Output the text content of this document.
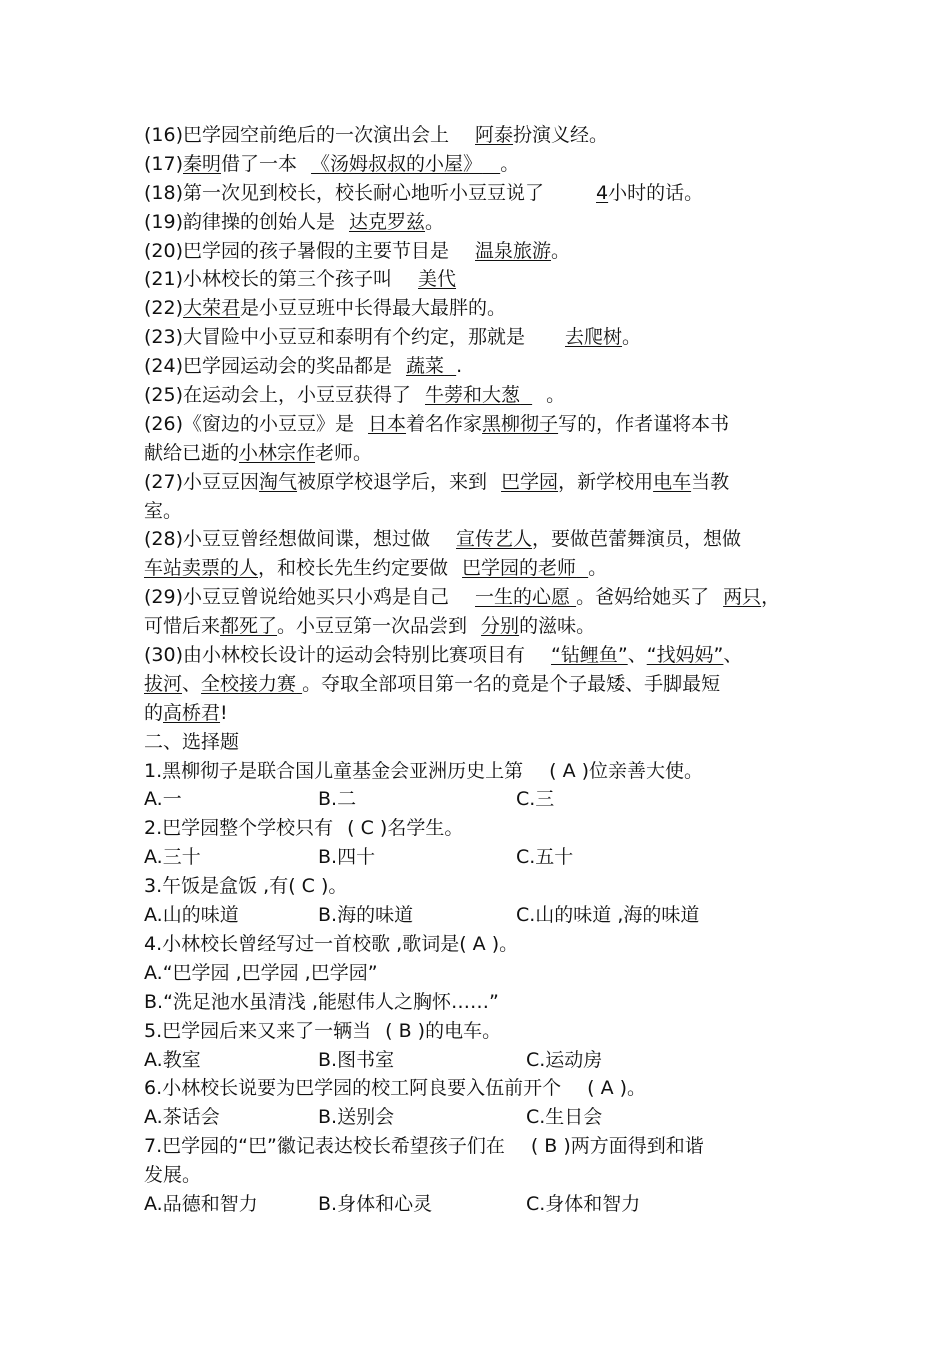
(16)巴学园空前绝后的一次演出会上 阿泰扮演义经。
(17)秦明借了一本 《汤姆叔叔的小屋》 。
(18)第一次见到校长，校长耐心地听小豆豆说了	4小时的话。
(19)韵律操的创始人是 达克罗兹。
(20)巴学园的孩子暑假的主要节目是 温泉旅游。
(21)小林校长的第三个孩子叫 美代
(22)大荣君是小豆豆班中长得最大最胖的。
(23)大冒险中小豆豆和泰明有个约定，那就是 去爬树。
(24)巴学园运动会的奖品都是 蔬菜 .
(25)在运动会上，小豆豆获得了 牛蒡和大葱 。
(26)《窗边的小豆豆》是 日本着名作家黑柳彻子写的，作者谨将本书
献给已逝的小林宗作老师。
(27)小豆豆因淘气被原学校退学后，来到 巴学园，新学校用电车当教
室。
(28)小豆豆曾经想做间谍，想过做 宣传艺人，要做芭蕾舞演员，想做
车站卖票的人，和校长先生约定要做 巴学园的老师 。
(29)小豆豆曾说给她买只小鸡是自己 一生的心愿 。爸妈给她买了 两只，
可惜后来都死了。小豆豆第一次品尝到 分别的滋味。
(30)由小林校长设计的运动会特别比赛项目有 “钻鲤鱼”、“找妈妈”、
拔河、全校接力赛 。夺取全部项目第一名的竟是个子最矮、手脚最短
的高桥君!
二、选择题
1.黑柳彻子是联合国儿童基金会亚洲历史上第 ( A )位亲善大使。
A.一	B.二	C.三
2.巴学园整个学校只有 ( C )名学生。
A.三十	B.四十	C.五十
3.午饭是盒饭 ,有( C )。
A.山的味道	B.海的味道	C.山的味道 ,海的味道
4.小林校长曾经写过一首校歌 ,歌词是( A )。
A.“巴学园 ,巴学园 ,巴学园”
B.“洗足池水虽清浅 ,能慰伟人之胸怀……”
5.巴学园后来又来了一辆当 ( B )的电车。
A.教室	B.图书室	C.运动房
6.小林校长说要为巴学园的校工阿良要入伍前开个 ( A )。
A.茶话会	B.送别会	C.生日会
7.巴学园的“巴”徽记表达校长希望孩子们在 ( B )两方面得到和谐
发展。
A.品德和智力	B.身体和心灵	C.身体和智力
